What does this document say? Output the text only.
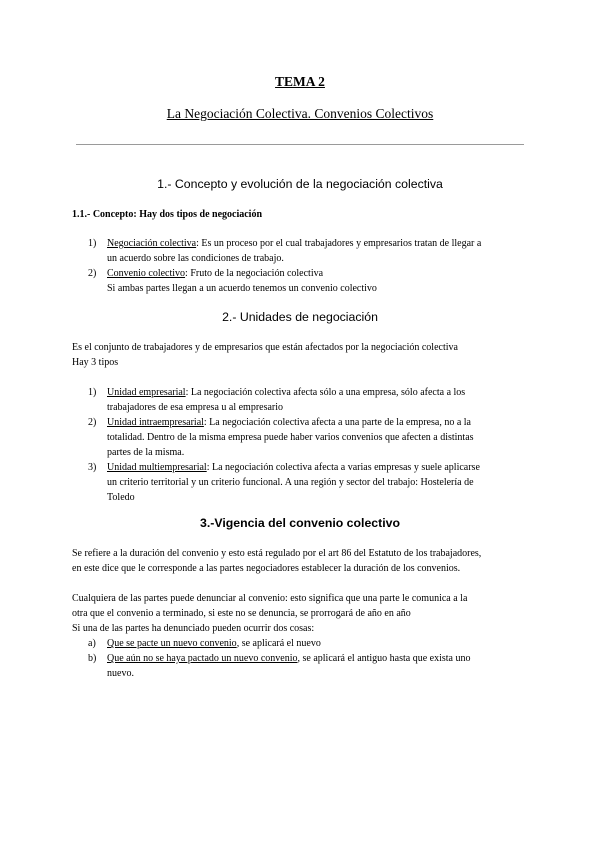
TEMA 2
La Negociación Colectiva. Convenios Colectivos
1.- Concepto y evolución de la negociación colectiva
1.1.- Concepto: Hay dos tipos de negociación
1) Negociación colectiva: Es un proceso por el cual trabajadores y empresarios tratan de llegar a
un acuerdo sobre las condiciones de trabajo.
2) Convenio colectivo: Fruto de la negociación colectiva
Si ambas partes llegan a un acuerdo tenemos un convenio colectivo
2.- Unidades de negociación
Es el conjunto de trabajadores y de empresarios que están afectados por la negociación colectiva
Hay 3 tipos
1) Unidad empresarial: La negociación colectiva afecta sólo a una empresa, sólo afecta a los
trabajadores de esa empresa u al empresario
2) Unidad intraempresarial: La negociación colectiva afecta a una parte de la empresa, no a la
totalidad. Dentro de la misma empresa puede haber varios convenios que afecten a distintas
partes de la misma.
3) Unidad multiempresarial: La negociación colectiva afecta a varias empresas y suele aplicarse
un criterio territorial y un criterio funcional. A una región y sector del trabajo: Hostelería de
Toledo
3.-Vigencia del convenio colectivo
Se refiere a la duración del convenio y esto está regulado por el art 86 del Estatuto de los trabajadores,
en este dice que le corresponde a las partes negociadores establecer la duración de los convenios.
Cualquiera de las partes puede denunciar al convenio: esto significa que una parte le comunica a la
otra que el convenio a terminado, si este no se denuncia, se prorrogará de año en año
Si una de las partes ha denunciado pueden ocurrir dos cosas:
a) Que se pacte un nuevo convenio, se aplicará el nuevo
b) Que aún no se haya pactado un nuevo convenio, se aplicará el antiguo hasta que exista uno
nuevo.
